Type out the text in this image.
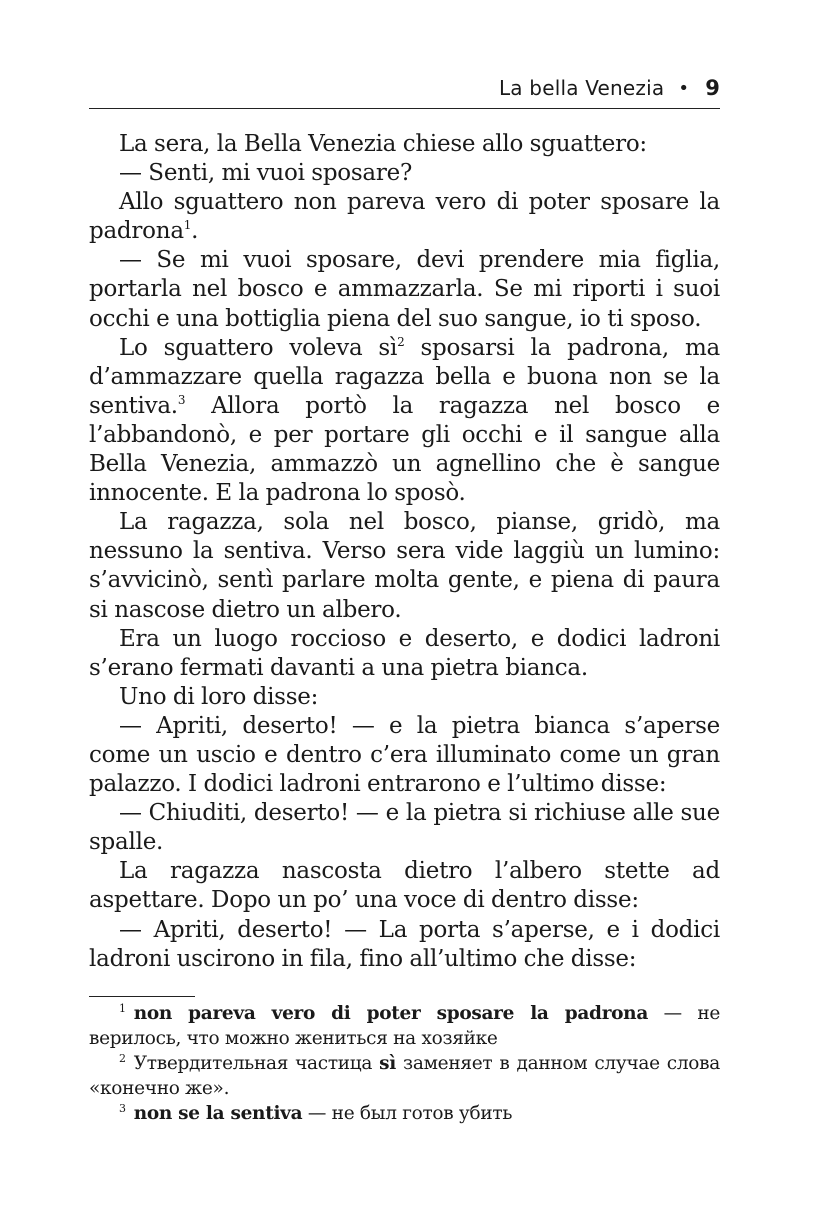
La bella Venezia • 9

La sera, la Bella Venezia chiese allo sguattero:

— Senti, mi vuoi sposare?

Allo sguattero non pareva vero di poter sposare la padrona$^1$.

— Se mi vuoi sposare, devi prendere mia figlia, portarla nel bosco e ammazzarla. Se mi riporti i suoi occhi e una bottiglia piena del suo sangue, io ti sposo.

Lo sguattero voleva $sì^2$ sposarsi la padrona, ma d’ammazzare quella ragazza bella e buona non se la sentiva.$^3$ Allora portò la ragazza nel bosco e l’abbandonò, e per portare gli occhi e il sangue alla Bella Venezia, ammazzò un agnellino che è sangue innocente. E la padrona lo sposò.

La ragazza, sola nel bosco, pianse, gridò, ma nessuno la sentiva. Verso sera vide laggiù un lumino: s’avvicinò, sentì parlare molta gente, e piena di paura si nascose dietro un albero.

Era un luogo roccioso e deserto, e dodici ladroni s’erano fermati davanti a una pietra bianca.

Uno di loro disse:

— Apriti, deserto! — e la pietra bianca s’aperse come un uscio e dentro c’era illuminato come un gran palazzo. I dodici ladroni entrarono e l’ultimo disse:

— Chiuditi, deserto! — e la pietra si richiuse alle sue spalle.

La ragazza nascosta dietro l’albero stette ad aspettare. Dopo un po’ una voce di dentro disse:

— Apriti, deserto! — La porta s’aperse, e i dodici ladroni uscirono in fila, fino all’ultimo che disse:

$^1$ non pareva vero di poter sposare la padrona — не верилось, что можно жениться на хозяйке

$^2$ Утвердительная частица sì заменяет в данном случае слова «конечно же».

$^3$ non se la sentiva — не был готов убить
